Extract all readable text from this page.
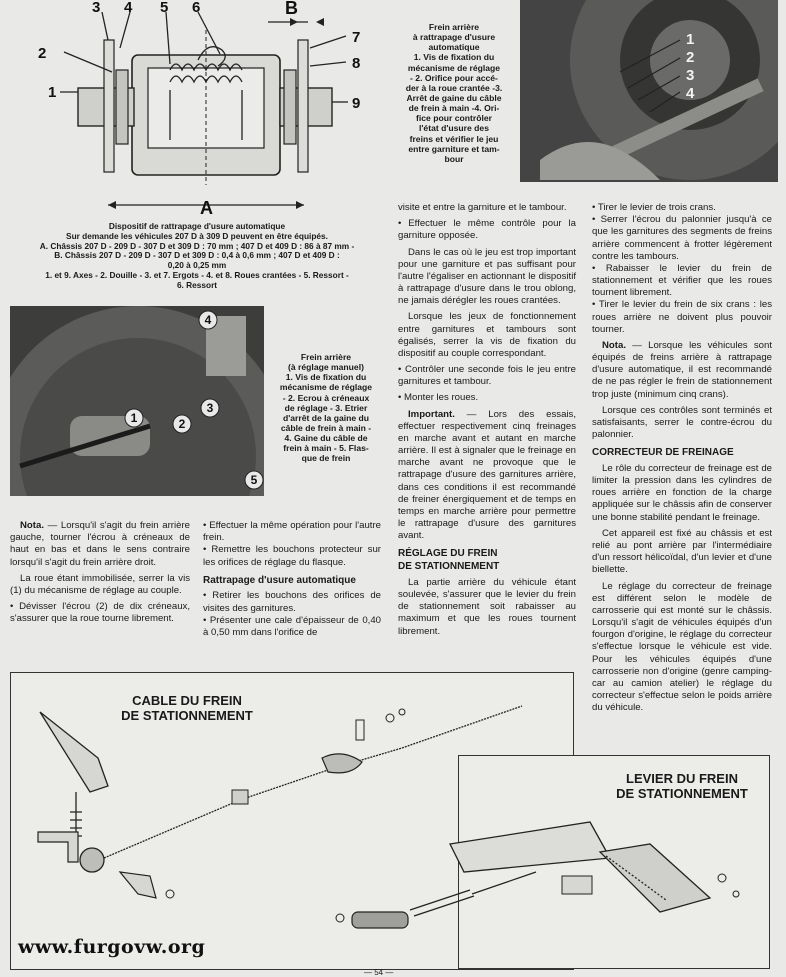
1
2
3 4 5 6
7
8
9
A
B
Dispositif de rattrapage d'usure automatique
Sur demande les véhicules 207 D à 309 D peuvent en être équipés.
A. Châssis 207 D - 209 D - 307 D et 309 D : 70 mm ; 407 D et 409 D : 86 à 87 mm -
B. Châssis 207 D - 209 D - 307 D et 309 D : 0,4 à 0,6 mm ; 407 D et 409 D :
0,20 à 0,25 mm
1. et 9. Axes - 2. Douille - 3. et 7. Ergots - 4. et 8. Roues crantées - 5. Ressort -
6. Ressort
Frein arrière
à rattrapage d'usure
automatique
1. Vis de fixation du
mécanisme de réglage
- 2. Orifice pour accé-
der à la roue crantée -3.
Arrêt de gaine du câble
de frein à main -4. Ori-
fice pour contrôler
l'état d'usure des
freins et vérifier le jeu
entre garniture et tam-
bour
1
2
3
4
1	2
3
4
5
Frein arrière
(à réglage manuel)
1. Vis de fixation du
mécanisme de réglage
- 2. Ecrou à créneaux
de réglage - 3. Etrier
d'arrêt de la gaine du
câble de frein à main -
4. Gaine du câble de
frein à main - 5. Flas-
que de frein

visite et entre la garniture et le tambour.

• Effectuer le même contrôle pour la garniture opposée.

Dans le cas où le jeu est trop important pour une garniture et pas suffisant pour l'autre l'égaliser en actionnant le dispositif à rattrapage d'usure dans le trou oblong, ne jamais dérégler les roues crantées.

Lorsque les jeux de fonctionnement entre garnitures et tambours sont égalisés, serrer la vis de fixation du dispositif au couple correspondant.

• Contrôler une seconde fois le jeu entre garnitures et tambour.

• Monter les roues.

Important. — Lors des essais, effectuer respectivement cinq freinages en marche avant et autant en marche arrière. Il est à signaler que le freinage en marche avant ne provoque que le rattrapage d'usure des garnitures arrière, dans ces conditions il est recommandé de freiner énergiquement et de temps en temps en marche arrière pour permettre le rattrapage d'usure des garnitures avant.

RÉGLAGE DU FREIN
DE STATIONNEMENT

La partie arrière du véhicule étant soulevée, s'assurer que le levier du frein de stationnement soit rabaisser au maximum et que les roues tournent librement.

• Tirer le levier de trois crans.

• Serrer l'écrou du palonnier jusqu'à ce que les garnitures des segments de freins arrière commencent à frotter légèrement contre les tambours.

• Rabaisser le levier du frein de stationnement et vérifier que les roues tournent librement.

• Tirer le levier du frein de six crans : les roues arrière ne doivent plus pouvoir tourner.

Nota. — Lorsque les véhicules sont équipés de freins arrière à rattrapage d'usure automatique, il est recommandé de ne pas régler le frein de stationnement trop juste (minimum cinq crans).

Lorsque ces contrôles sont terminés et satisfaisants, serrer le contre-écrou du palonnier.

CORRECTEUR DE FREINAGE

Le rôle du correcteur de freinage est de limiter la pression dans les cylindres de roues arrière en fonction de la charge appliquée sur le châssis afin de conserver une bonne stabilité pendant le freinage.

Cet appareil est fixé au châssis et est relié au pont arrière par l'intermédiaire d'un ressort hélicoïdal, d'un levier et d'une biellette.

Le réglage du correcteur de freinage est différent selon le modèle de carrosserie qui est monté sur le châssis. Lorsqu'il s'agit de véhicules équipés d'un fourgon d'origine, le réglage du correcteur s'effectue lorsque le véhicule est vide. Pour les véhicules équipés d'une carrosserie non d'origine (genre camping-car au camion atelier) le réglage du correcteur s'effectue selon le poids arrière du véhicule.

Nota. — Lorsqu'il s'agit du frein arrière gauche, tourner l'écrou à créneaux de haut en bas et dans le sens contraire lorsqu'il s'agit du frein arrière droit.

La roue étant immobilisée, serrer la vis (1) du mécanisme de réglage au couple.

• Dévisser l'écrou (2) de dix créneaux, s'assurer que la roue tourne librement.

• Effectuer la même opération pour l'autre frein.

• Remettre les bouchons protecteur sur les orifices de réglage du flasque.

Rattrapage d'usure automatique

• Retirer les bouchons des orifices de visites des garnitures.

• Présenter une cale d'épaisseur de 0,40 à 0,50 mm dans l'orifice de

CABLE DU FREIN
DE STATIONNEMENT
LEVIER DU FREIN
DE STATIONNEMENT
www.furgovw.org
— 54 —
